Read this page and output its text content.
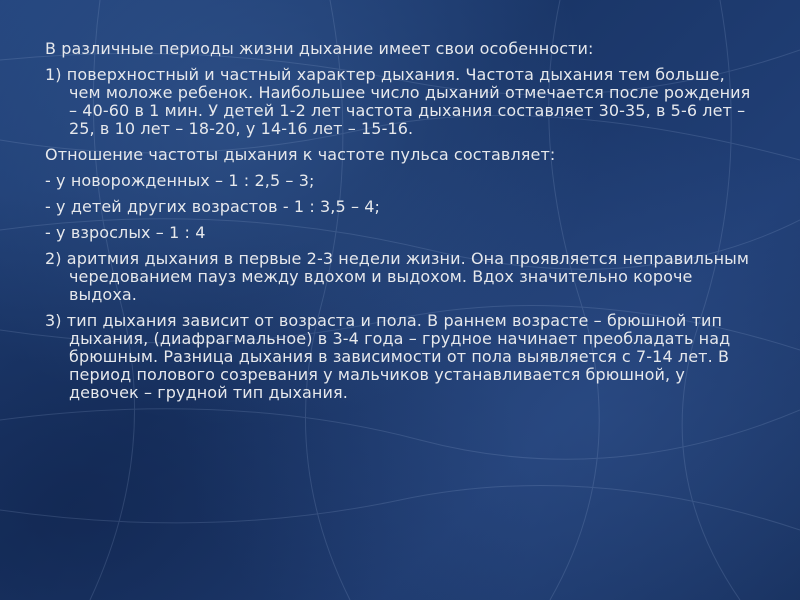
В различные периоды жизни дыхание имеет свои особенности:

1) поверхностный и частный характер дыхания. Частота дыхания тем больше, чем моложе ребенок. Наибольшее число дыханий отмечается после рождения – 40-60 в 1 мин. У детей 1-2 лет частота дыхания составляет 30-35, в 5-6 лет – 25, в 10 лет – 18-20, у 14-16 лет – 15-16.

Отношение частоты дыхания к частоте пульса составляет:

- у новорожденных – 1 : 2,5 – 3;

- у детей других возрастов - 1 : 3,5 – 4;

- у взрослых – 1 : 4

2) аритмия дыхания в первые 2-3 недели жизни. Она проявляется неправильным чередованием пауз между вдохом и выдохом. Вдох значительно короче выдоха.

3) тип дыхания зависит от возраста и пола. В раннем возрасте – брюшной тип дыхания, (диафрагмальное) в 3-4 года – грудное начинает преобладать над брюшным. Разница дыхания в зависимости от пола выявляется с 7-14 лет. В период полового созревания у мальчиков устанавливается брюшной, у девочек – грудной тип дыхания.
